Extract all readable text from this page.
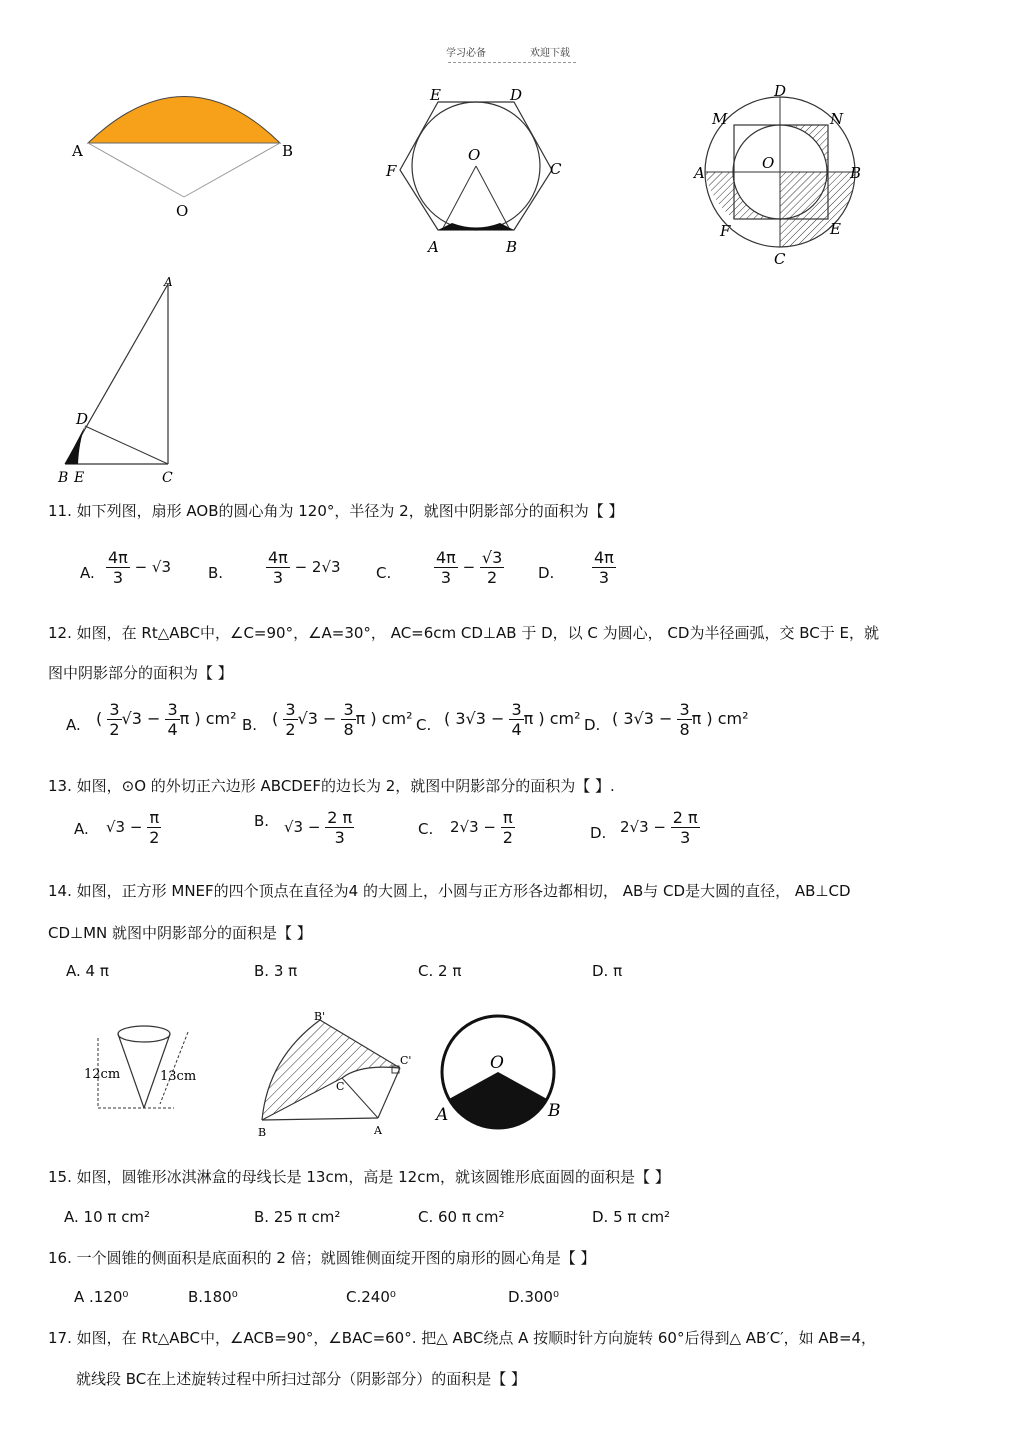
学习必备	欢迎下载
A	B
O
E	D
O
F	C
A	B
D
M	N
A
O
B
F	E
C
A
D
B E	C
11. 如下列图，扇形 AOB的圆心角为 120°，半径为 2，就图中阴影部分的面积为【 】
A. $\frac{4\pi}{3} - √3$ B.	$\frac{4\pi}{3} - 2√3$ C.	$\frac{4\pi}{3} - \frac{√3}{2} D$. $\frac{4\pi}{3}$
12. 如图，在 Rt△ABC中，∠C=90°，∠A=30°， AC=6cm CD⊥AB 于 D，以 C 为圆心， CD为半径画弧，交 BC于 E，就
图中阴影部分的面积为【 】
A. ( $\frac{3}{2} √3 - \frac{3}{4}$ π ) cm² B. ( $\frac{3}{2} √3 - \frac{3}{8}$ π ) cm² C. ( $3√3 - \frac{3}{4}$ π ) cm² D. ( $3√3 - \frac{3}{8}$ π ) cm²
13. 如图，⊙O 的外切正六边形 ABCDEF的边长为 2，就图中阴影部分的面积为【 】.
A. $√3 - \frac{\pi}{2}$	B. $√3 - \frac{2 \pi}{3}$	C. $2√3 - \frac{\pi}{2}$	D. $2√3 - \frac{2 \pi}{3}$
14. 如图，正方形 MNEF的四个顶点在直径为4 的大圆上，小圆与正方形各边都相切， AB与 CD是大圆的直径， AB⊥CD
CD⊥MN 就图中阴影部分的面积是【 】
A. 4 π	B. 3 π	C. 2 π	D. π
12cm	13cm
B'
C'
C
B	A
O
A	B
15. 如图，圆锥形冰淇淋盒的母线长是 13cm，高是 12cm，就该圆锥形底面圆的面积是【 】
A. 10 π cm²	B. 25 π cm²	C. 60 π cm²	D. 5 π cm²
16. 一个圆锥的侧面积是底面积的 2 倍；就圆锥侧面绽开图的扇形的圆心角是【 】
A .120⁰	B.180⁰	C.240⁰	D.300⁰
17. 如图，在 Rt△ABC中，∠ACB=90°，∠BAC=60°. 把△ ABC绕点 A 按顺时针方向旋转 60°后得到△ AB′C′，如 AB=4，
就线段 BC在上述旋转过程中所扫过部分（阴影部分）的面积是【 】
